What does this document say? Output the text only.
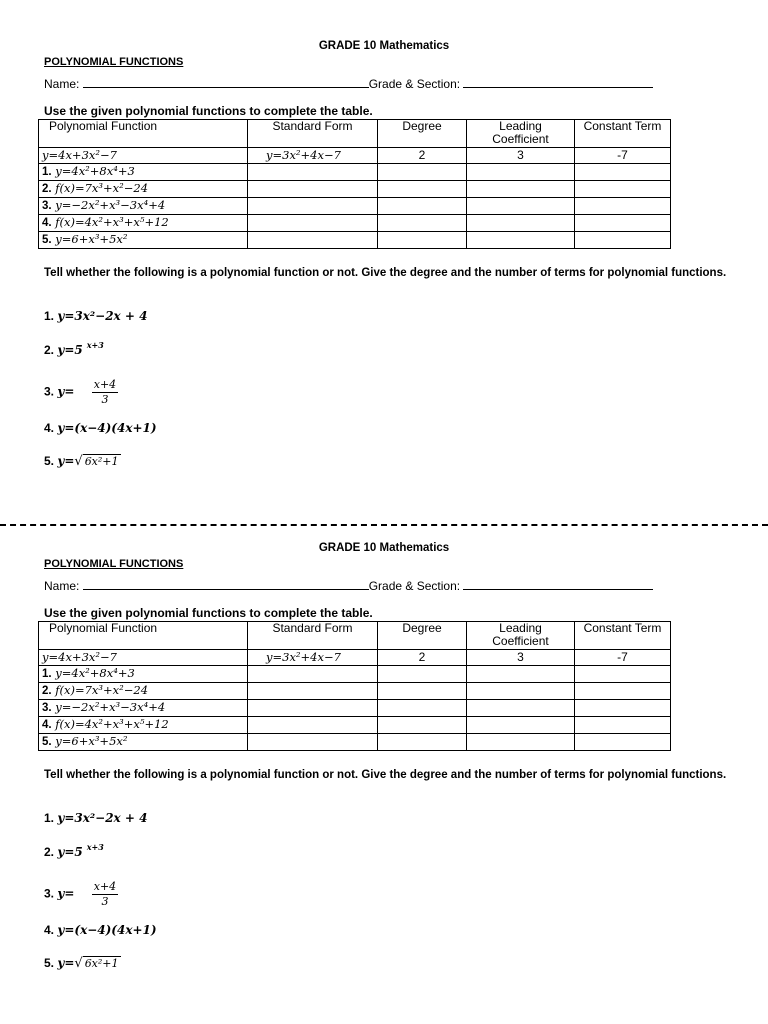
GRADE 10 Mathematics
POLYNOMIAL FUNCTIONS
Name:	Grade & Section:
Use the given polynomial functions to complete the table.
Polynomial Function	Standard Form	Degree	Leading Coefficient	Constant Term
y=4x+3x²−7	y=3x²+4x−7	2	3	-7
1. y=4x²+8x⁴+3				
2. f(x)=7x³+x²−24				
3. y=−2x²+x³−3x⁴+4				
4. f(x)=4x²+x³+x⁵+12				
5. y=6+x³+5x²				
Tell whether the following is a polynomial function or not. Give the degree and the number of terms for polynomial functions.
1. y=3x²−2x + 4
2. y=5 $^{x+3}$
3. $y= \frac{x+4}{3}$
4. y=(x−4)(4x+1)
5. y=√ 6x²+1
GRADE 10 Mathematics
POLYNOMIAL FUNCTIONS
Name:	Grade & Section:
Use the given polynomial functions to complete the table.
Polynomial Function	Standard Form	Degree	Leading Coefficient	Constant Term
y=4x+3x²−7	y=3x²+4x−7	2	3	-7
1. y=4x²+8x⁴+3				
2. f(x)=7x³+x²−24				
3. y=−2x²+x³−3x⁴+4				
4. f(x)=4x²+x³+x⁵+12				
5. y=6+x³+5x²				
Tell whether the following is a polynomial function or not. Give the degree and the number of terms for polynomial functions.
1. y=3x²−2x + 4
2. y=5 $^{x+3}$
3. $y= \frac{x+4}{3}$
4. y=(x−4)(4x+1)
5. y=√ 6x²+1
